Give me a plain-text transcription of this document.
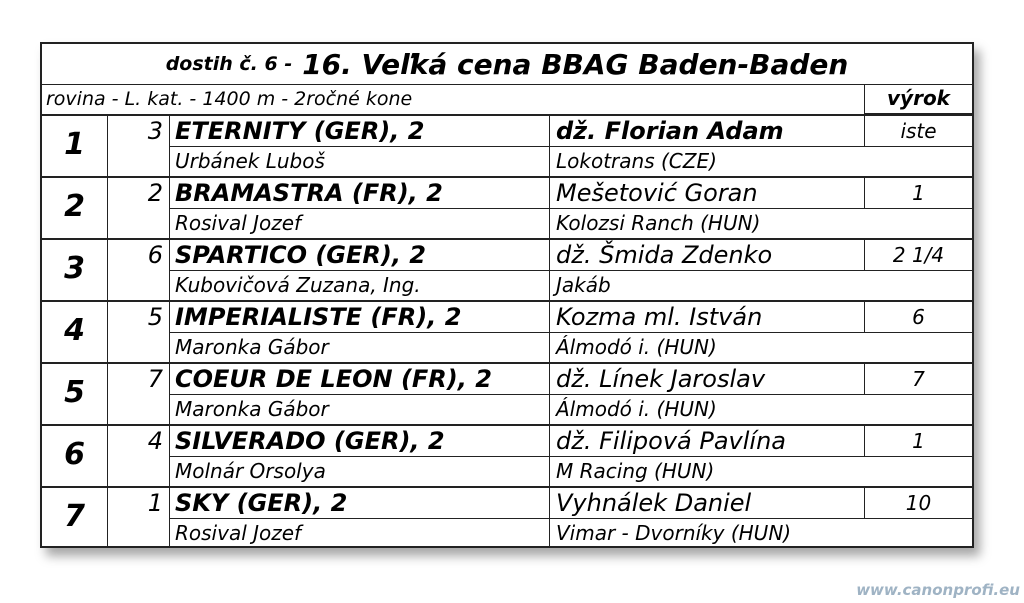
dostih č. 6 - 16. Veľká cena BBAG Baden-Baden
rovina - L. kat. - 1400 m - 2ročné kone	výrok
1	3 ETERNITY (GER), 2	dž. Florian Adam	iste
Urbánek Luboš	Lokotrans (CZE)
2	2 BRAMASTRA (FR), 2	Mešetović Goran	1
Rosival Jozef	Kolozsi Ranch (HUN)
3	6 SPARTICO (GER), 2	dž. Šmida Zdenko	2 1/4
Kubovičová Zuzana, Ing.	Jakáb
4	5 IMPERIALISTE (FR), 2	Kozma ml. István	6
Maronka Gábor	Álmodó i. (HUN)
5	7 COEUR DE LEON (FR), 2	dž. Línek Jaroslav	7
Maronka Gábor	Álmodó i. (HUN)
6	4 SILVERADO (GER), 2	dž. Filipová Pavlína	1
Molnár Orsolya	M Racing (HUN)
7	1 SKY (GER), 2	Vyhnálek Daniel	10
Rosival Jozef	Vimar - Dvorníky (HUN)
www.canonprofi.eu
